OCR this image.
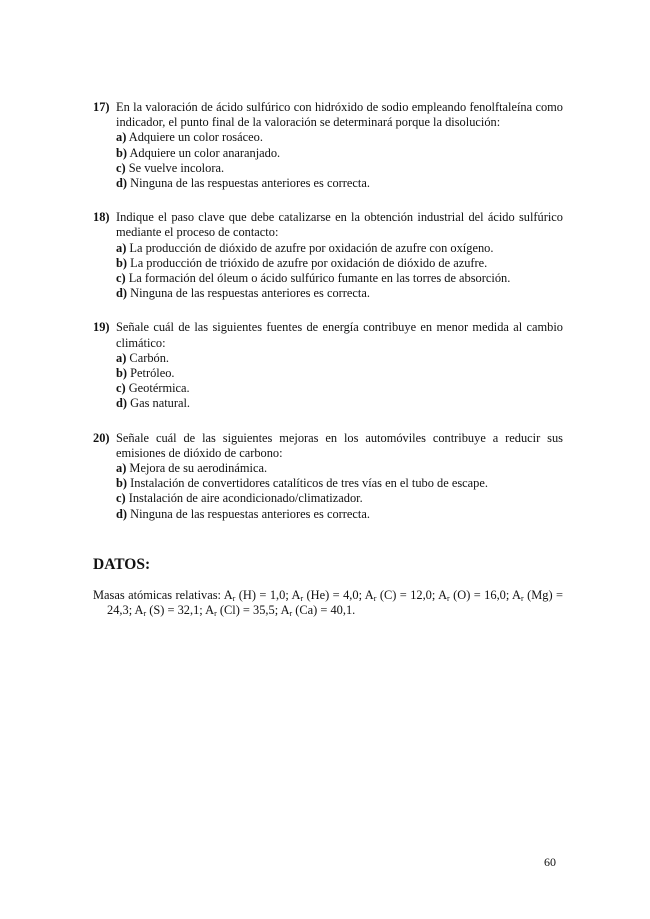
17) En la valoración de ácido sulfúrico con hidróxido de sodio empleando fenolftaleína como indicador, el punto final de la valoración se determinará porque la disolución:
a) Adquiere un color rosáceo.
b) Adquiere un color anaranjado.
c) Se vuelve incolora.
d) Ninguna de las respuestas anteriores es correcta.
18) Indique el paso clave que debe catalizarse en la obtención industrial del ácido sulfúrico mediante el proceso de contacto:
a) La producción de dióxido de azufre por oxidación de azufre con oxígeno.
b) La producción de trióxido de azufre por oxidación de dióxido de azufre.
c) La formación del óleum o ácido sulfúrico fumante en las torres de absorción.
d) Ninguna de las respuestas anteriores es correcta.
19) Señale cuál de las siguientes fuentes de energía contribuye en menor medida al cambio climático:
a) Carbón.
b) Petróleo.
c) Geotérmica.
d) Gas natural.
20) Señale cuál de las siguientes mejoras en los automóviles contribuye a reducir sus emisiones de dióxido de carbono:
a) Mejora de su aerodinámica.
b) Instalación de convertidores catalíticos de tres vías en el tubo de escape.
c) Instalación de aire acondicionado/climatizador.
d) Ninguna de las respuestas anteriores es correcta.
DATOS:
Masas atómicas relativas: $A_r$ (H) = 1,0; $A_r$ (He) = 4,0; $A_r$ (C) = 12,0; $A_r$ (O) = 16,0; $A_r$ (Mg) = 24,3; $A_r$ (S) = 32,1; $A_r$ (Cl) = 35,5; $A_r$ (Ca) = 40,1.
60
